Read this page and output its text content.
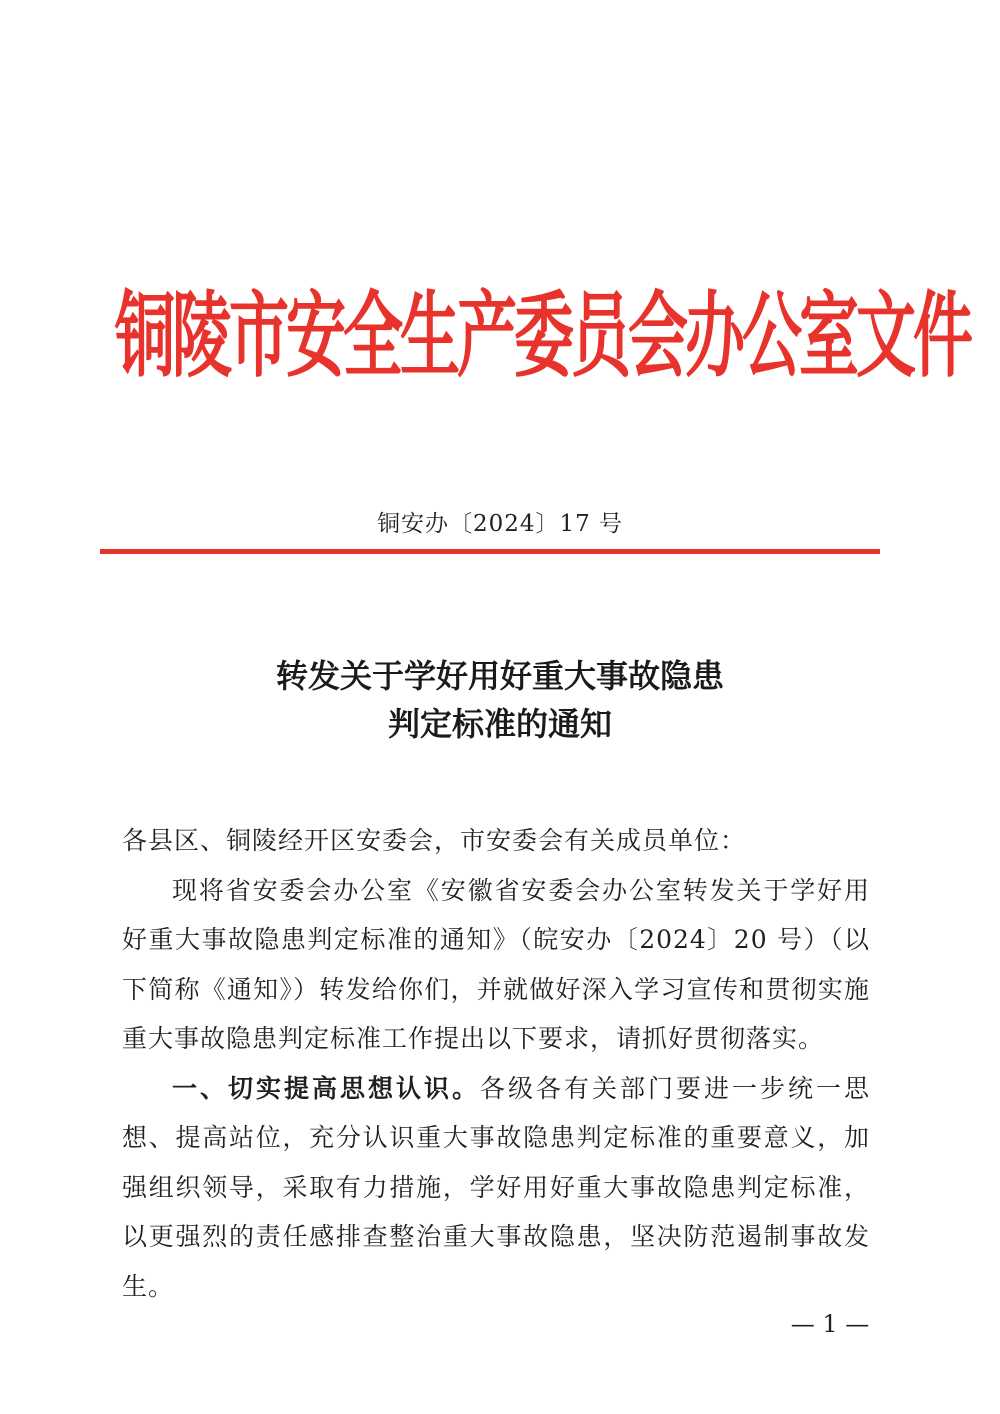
铜陵市安全生产委员会办公室文件
铜安办〔2024〕17 号
转发关于学好用好重大事故隐患
判定标准的通知

各县区、铜陵经开区安委会，市安委会有关成员单位：

现将省安委会办公室《安徽省安委会办公室转发关于学好用好重大事故隐患判定标准的通知》（皖安办〔2024〕20 号）（以下简称《通知》）转发给你们，并就做好深入学习宣传和贯彻实施重大事故隐患判定标准工作提出以下要求，请抓好贯彻落实。

一、切实提高思想认识。各级各有关部门要进一步统一思想、提高站位，充分认识重大事故隐患判定标准的重要意义，加强组织领导，采取有力措施，学好用好重大事故隐患判定标准，以更强烈的责任感排查整治重大事故隐患，坚决防范遏制事故发生。

— 1 —
